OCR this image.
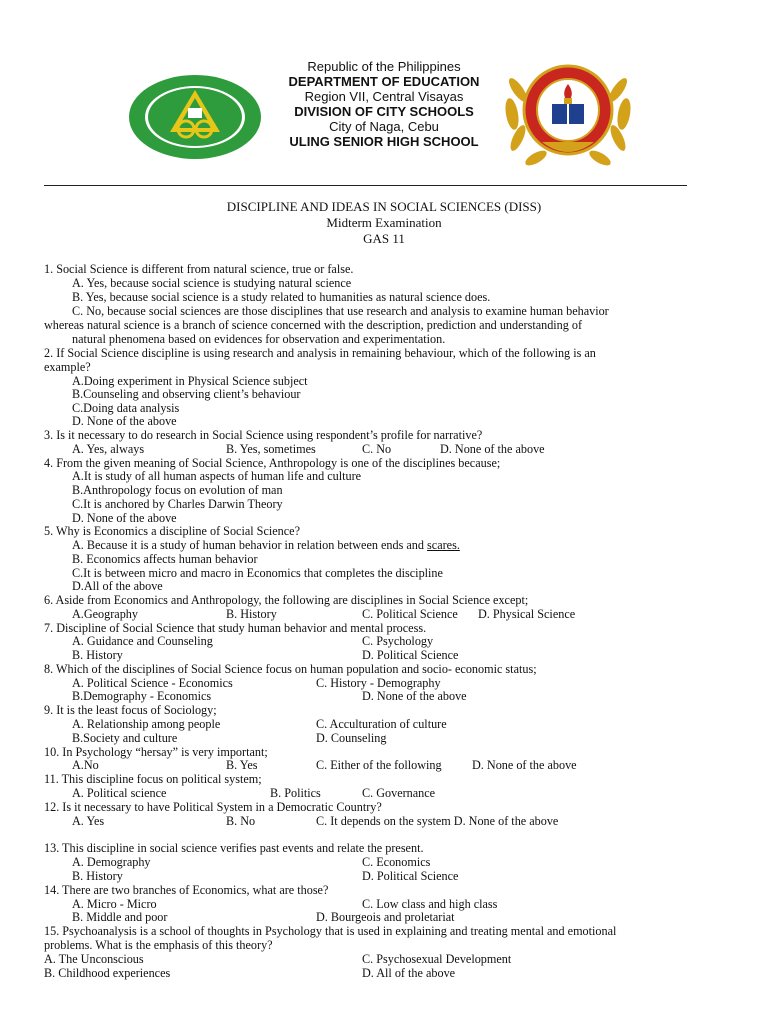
Republic of the Philippines
DEPARTMENT OF EDUCATION
Region VII, Central Visayas
DIVISION OF CITY SCHOOLS
City of Naga, Cebu
ULING SENIOR HIGH SCHOOL
DISCIPLINE AND IDEAS IN SOCIAL SCIENCES (DISS)
Midterm Examination
GAS 11
1. Social Science is different from natural science, true or false.
A. Yes, because social science is studying natural science
B. Yes, because social science is a study related to humanities as natural science does.
C. No, because social sciences are those disciplines that use research and analysis to examine human behavior
whereas natural science is a branch of science concerned with the description, prediction and understanding of
natural phenomena based on evidences for observation and experimentation.
2. If Social Science discipline is using research and analysis in remaining behaviour, which of the following is an
example?
A.Doing experiment in Physical Science subject
B.Counseling and observing client’s behaviour
C.Doing data analysis
D. None of the above
3. Is it necessary to do research in Social Science using respondent’s profile for narrative?
A. Yes, always	B. Yes, sometimes	C. No	D. None of the above
4. From the given meaning of Social Science, Anthropology is one of the disciplines because;
A.It is study of all human aspects of human life and culture
B.Anthropology focus on evolution of man
C.It is anchored by Charles Darwin Theory
D. None of the above
5. Why is Economics a discipline of Social Science?
A. Because it is a study of human behavior in relation between ends and scares.
B. Economics affects human behavior
C.It is between micro and macro in Economics that completes the discipline
D.All of the above
6. Aside from Economics and Anthropology, the following are disciplines in Social Science except;
A.Geography	B. History	C. Political Science D. Physical Science
7. Discipline of Social Science that study human behavior and mental process.
A. Guidance and Counseling	C. Psychology
B. History	D. Political Science
8. Which of the disciplines of Social Science focus on human population and socio- economic status;
A. Political Science - Economics	C. History - Demography
B.Demography - Economics	D. None of the above
9. It is the least focus of Sociology;
A. Relationship among people	C. Acculturation of culture
B.Society and culture	D. Counseling
10. In Psychology “hersay” is very important;
A.No	B. Yes	C. Either of the following D. None of the above
11. This discipline focus on political system;
A. Political science	B. Politics	C. Governance
12. Is it necessary to have Political System in a Democratic Country?
A. Yes	B. No	C. It depends on the system D. None of the above
13. This discipline in social science verifies past events and relate the present.
A. Demography	C. Economics
B. History	D. Political Science
14. There are two branches of Economics, what are those?
A. Micro - Micro	C. Low class and high class
B. Middle and poor	D. Bourgeois and proletariat
15. Psychoanalysis is a school of thoughts in Psychology that is used in explaining and treating mental and emotional
problems. What is the emphasis of this theory?
A. The Unconscious	C. Psychosexual Development
B. Childhood experiences	D. All of the above
